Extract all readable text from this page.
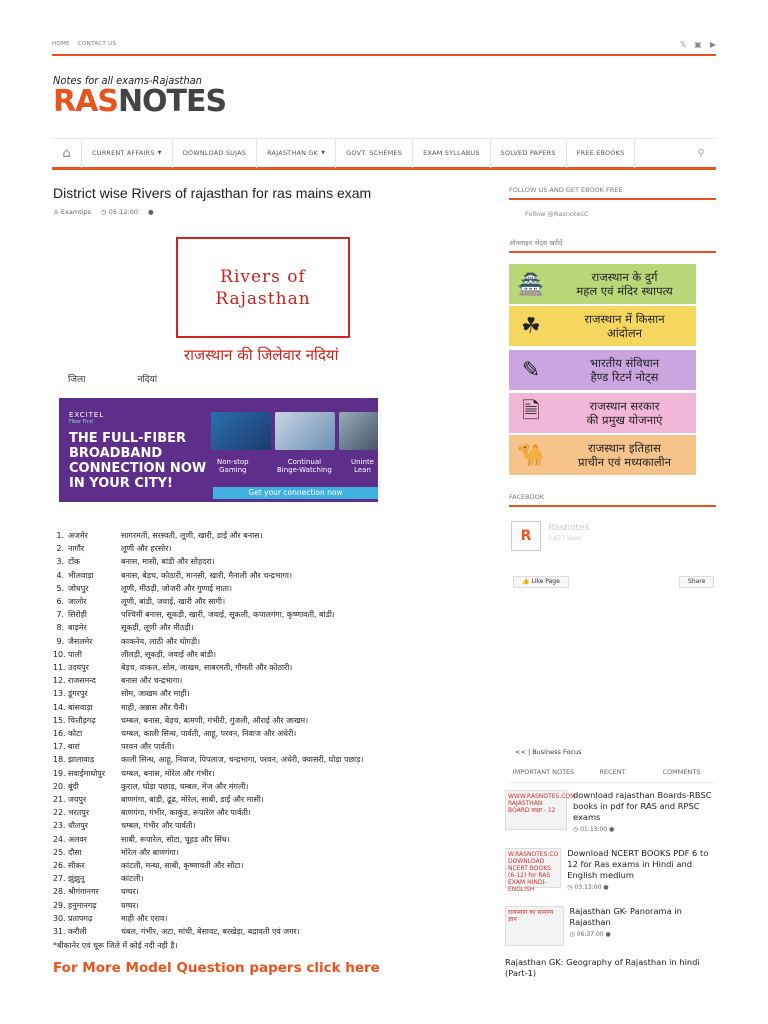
HOME CONTACT US	𝕏 ▣ ▶
Notes for all exams-Rajasthan
RASNOTES
⌂	CURRENT AFFAIRS ▼	DOWNLOAD SUJAS	RAJASTHAN GK ▼	GOVT. SCHEMES	EXAM SYLLABUS	SOLVED PAPERS	FREE EBOOKS	⚲
District wise Rivers of rajasthan for ras mains exam
♙ Examtips ◷ 05:12:00 ●
Rivers of
Rajasthan
राजस्थान की जिलेवार नदियां
जिला	नदियां
EXCITEL
Fiber First
THE FULL-FIBER
BROADBAND
CONNECTION NOW
IN YOUR CITY!
Non-stop
Gaming
Continual
Binge-Watching
Uninte
Lean
Get your connection now
1. अजमेर	सागरमती, सरस्वती, लूणी, खारी, डाई और बनास।
2. नागौर	लूणी और हरसोर।
3. टोंक	बनास, मासी, बांडी और सोहदरा।
4. भीलवाड़ा	बनास, बेड़च, कोठारी, मानसी, खारी, मैनाली और चन्द्रभागा।
5. जोधपुर	लूणी, मीठड़ी, जोजरी और गुणाई माता।
6. जालोर	लूणी, बांडी, जवाई, खारी और सागी।
7. सिरोही	पश्चिमी बनास, सूकड़ी, खारी, जवाई, सूकली, कपालगंगा, कृष्णावती, बांडी।
8. बाड़मेर	सूकड़ी, लूणी और मीठड़ी।
9. जैसलमेर	काकनेय, लाठी और धोगड़ी।
10. पाली	लीलड़ी, सूकड़ी, जवाई और बांडी।
11. उदयपुर	बेड़च, वाकल, सोम, जाखम, साबरमती, गौमती और कोठारी।
12. राजसमन्द	बनास और चन्द्रभागा।
13. डूंगरपुर	सोम, जाखम और माही।
14. बांसवाड़ा	माही, अन्नास और चैनी।
15. चित्तौड़गढ़	चम्बल, बनास, बेड़च, बामणी, गंभीरी, गुंजली, औराई और जाखम।
16. कोटा	चम्बल, काली सिन्ध, पार्वती, आहू, परवन, निवाज और अंधेरी।
17. बारां	परवन और पार्वती।
18. झालावाड़	काली सिन्ध, आहू, निवाज, पिपलाज, चन्द्रभागा, परवन, अंधेरी, क्यासरी, घोड़ा पछाड़।
19. सवाईमाधोपुर	चम्बल, बनास, मोरेल और गंभीर।
20. बूंदी	कुराल, घोड़ा पछाड़, चम्बल, मेज और मंगली।
21. जयपुर	बाणगंगा, बांडी, ढूंढ, मोरेल, साबी, डाई और मासी।
22. भरतपुर	बाणगंगा, गंभीर, काकुंड, रूपारेल और पार्वती।
23. धौलपुर	चम्बल, गंभीर और पार्वती।
24. अलवर	साबी, रूपारेल, सोटा, चूहड़ और सिंध।
25. दौसा	मोरेल और बाणगंगा।
26. सीकर	कांटली, मन्था, साबी, कृष्णावती और सोटा।
27. झुंझुनू	कांटली।
28. श्रीगंगानगर	घग्घर।
29. हनुमानगढ़	घग्घर।
30. प्रतापगढ़	माही और एराव।
31. करौली	चंबल, गंभीर, अटा, मांची, बेसावट, बरखेड़ा, बद्रावती एवं जगर।
*बीकानेर एवं चूरू जिले में कोई नदी नही है।
For More Model Question papers click here
FOLLOW US AND GET EBOOK FREE
Follow @RasnotesC
ऑनलाइन नोट्स खरीदें
🏯	राजस्थान के दुर्ग
महल एवं मंदिर स्थापत्य
☘	राजस्थान में किसान
आंदोलन
✎	भारतीय संविधान
हैण्ड रिटर्न नोट्स
🗎	राजस्थान सरकार
की प्रमुख योजनाएं
🐪	राजस्थान इतिहास
प्राचीन एवं मध्यकालीन
FACEBOOK
R	Rasnotes
2,677 likes
👍 Like Page	Share
<< | Business Focus
IMPORTANT NOTES	RECENT	COMMENTS
WWW.RASNOTES.COM RAJASTHAN BOARD कक्षा - 12
download rajasthan Boards-RBSC books in pdf for RAS and RPSC exams
◷ 01:13:00 ●
W.RASNOTES.CO DOWNLOAD NCERT BOOKS (6-12) for RAS EXAM HINDI-ENGLISH
Download NCERT BOOKS PDF 6 to 12 for Ras exams in Hindi and English medium
◷ 03:13:00 ●
राजस्थान का सामान्य ज्ञान
Rajasthan GK- Panorama in Rajasthan
◷ 06:37:00 ●
Rajasthan GK: Geography of Rajasthan in hindi (Part-1)
